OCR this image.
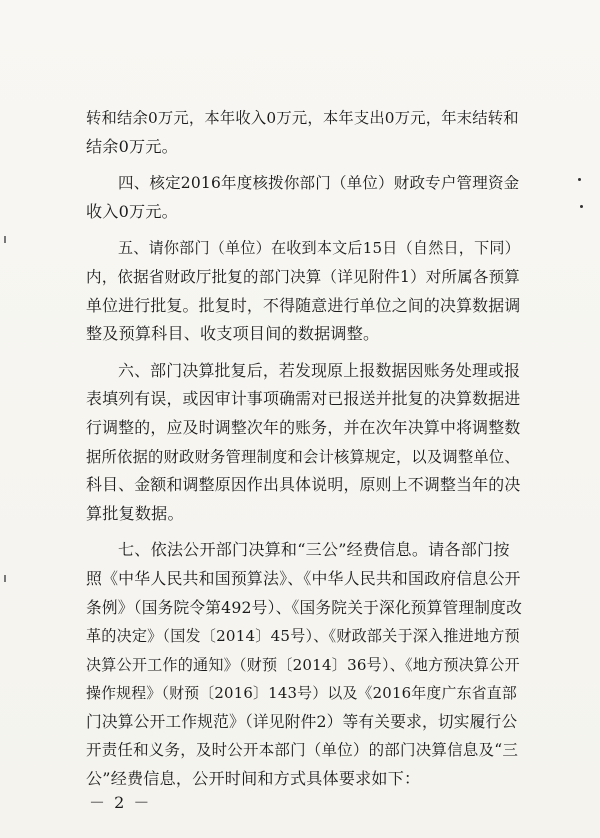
转和结余0万元，本年收入0万元，本年支出0万元，年末结转和
结余0万元。
四、核定2016年度核拨你部门（单位）财政专户管理资金
收入0万元。
五、请你部门（单位）在收到本文后15日（自然日，下同）
内，依据省财政厅批复的部门决算（详见附件1）对所属各预算
单位进行批复。批复时，不得随意进行单位之间的决算数据调
整及预算科目、收支项目间的数据调整。
六、部门决算批复后，若发现原上报数据因账务处理或报
表填列有误，或因审计事项确需对已报送并批复的决算数据进
行调整的，应及时调整次年的账务，并在次年决算中将调整数
据所依据的财政财务管理制度和会计核算规定，以及调整单位、
科目、金额和调整原因作出具体说明，原则上不调整当年的决
算批复数据。
七、依法公开部门决算和“三公”经费信息。请各部门按
照《中华人民共和国预算法》、《中华人民共和国政府信息公开
条例》（国务院令第492号）、《国务院关于深化预算管理制度改
革的决定》（国发〔2014〕45号）、《财政部关于深入推进地方预
决算公开工作的通知》（财预〔2014〕36号）、《地方预决算公开
操作规程》（财预〔2016〕143号）以及《2016年度广东省直部
门决算公开工作规范》（详见附件2）等有关要求，切实履行公
开责任和义务，及时公开本部门（单位）的部门决算信息及“三
公”经费信息，公开时间和方式具体要求如下：
－ 2 －
